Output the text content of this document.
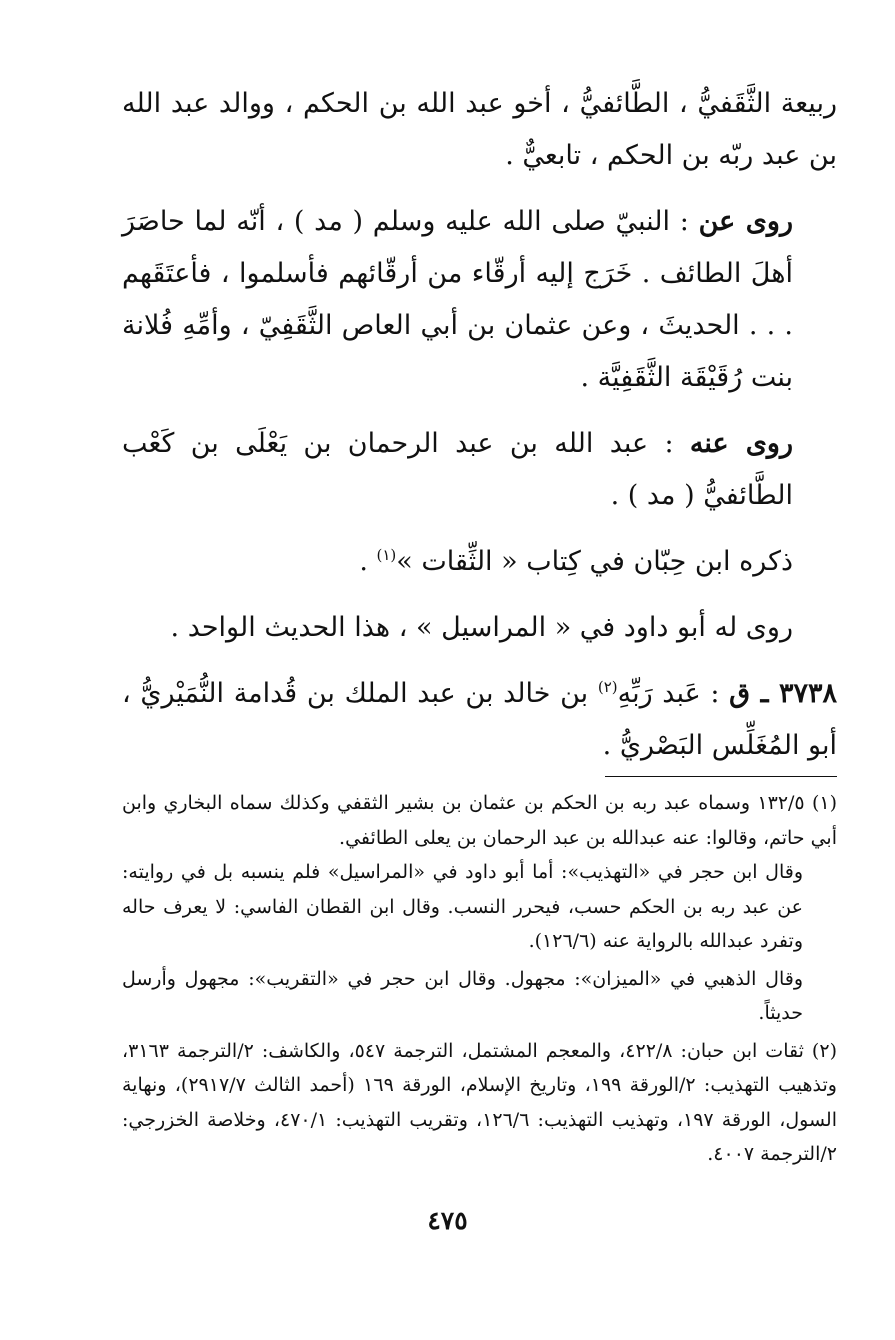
ربيعة الثَّقَفيُّ ، الطَّائفيُّ ، أخو عبد الله بن الحكم ، ووالد عبد الله بن عبد ربّه بن الحكم ، تابعيٌّ .

روى عن : النبيّ صلى الله عليه وسلم ( مد ) ، أنّه لما حاصَرَ أهلَ الطائف . خَرَج إليه أرقّاء من أرقّائهم فأسلموا ، فأعتَقَهم . . . الحديثَ ، وعن عثمان بن أبي العاص الثَّقَفِيّ ، وأمِّهِ فُلانة بنت رُقَيْقَة الثَّقَفِيَّة .

روى عنه : عبد الله بن عبد الرحمان بن يَعْلَى بن كَعْب الطَّائفيُّ ( مد ) .

ذكره ابن حِبّان في كِتاب « الثِّقات »$^{(١)}$ .

روى له أبو داود في « المراسيل » ، هذا الحديث الواحد .

٣٧٣٨ ـ ق : عَبد رَبِّهِ$^{(٢)}$ بن خالد بن عبد الملك بن قُدامة النُّمَيْريُّ ، أبو المُغَلِّس البَصْريُّ .

(١) ١٣٢/٥ وسماه عبد ربه بن الحكم بن عثمان بن بشير الثقفي وكذلك سماه البخاري وابن أبي حاتم، وقالوا: عنه عبدالله بن عبد الرحمان بن يعلى الطائفي.

وقال ابن حجر في «التهذيب»: أما أبو داود في «المراسيل» فلم ينسبه بل في روايته: عن عبد ربه بن الحكم حسب، فيحرر النسب. وقال ابن القطان الفاسي: لا يعرف حاله وتفرد عبدالله بالرواية عنه (١٢٦/٦).

وقال الذهبي في «الميزان»: مجهول. وقال ابن حجر في «التقريب»: مجهول وأرسل حديثاً.

(٢) ثقات ابن حبان: ٤٢٢/٨، والمعجم المشتمل، الترجمة ٥٤٧، والكاشف: ٢/الترجمة ٣١٦٣، وتذهيب التهذيب: ٢/الورقة ١٩٩، وتاريخ الإسلام، الورقة ١٦٩ (أحمد الثالث ٢٩١٧/٧)، ونهاية السول، الورقة ١٩٧، وتهذيب التهذيب: ١٢٦/٦، وتقريب التهذيب: ٤٧٠/١، وخلاصة الخزرجي: ٢/الترجمة ٤٠٠٧.

٤٧٥
